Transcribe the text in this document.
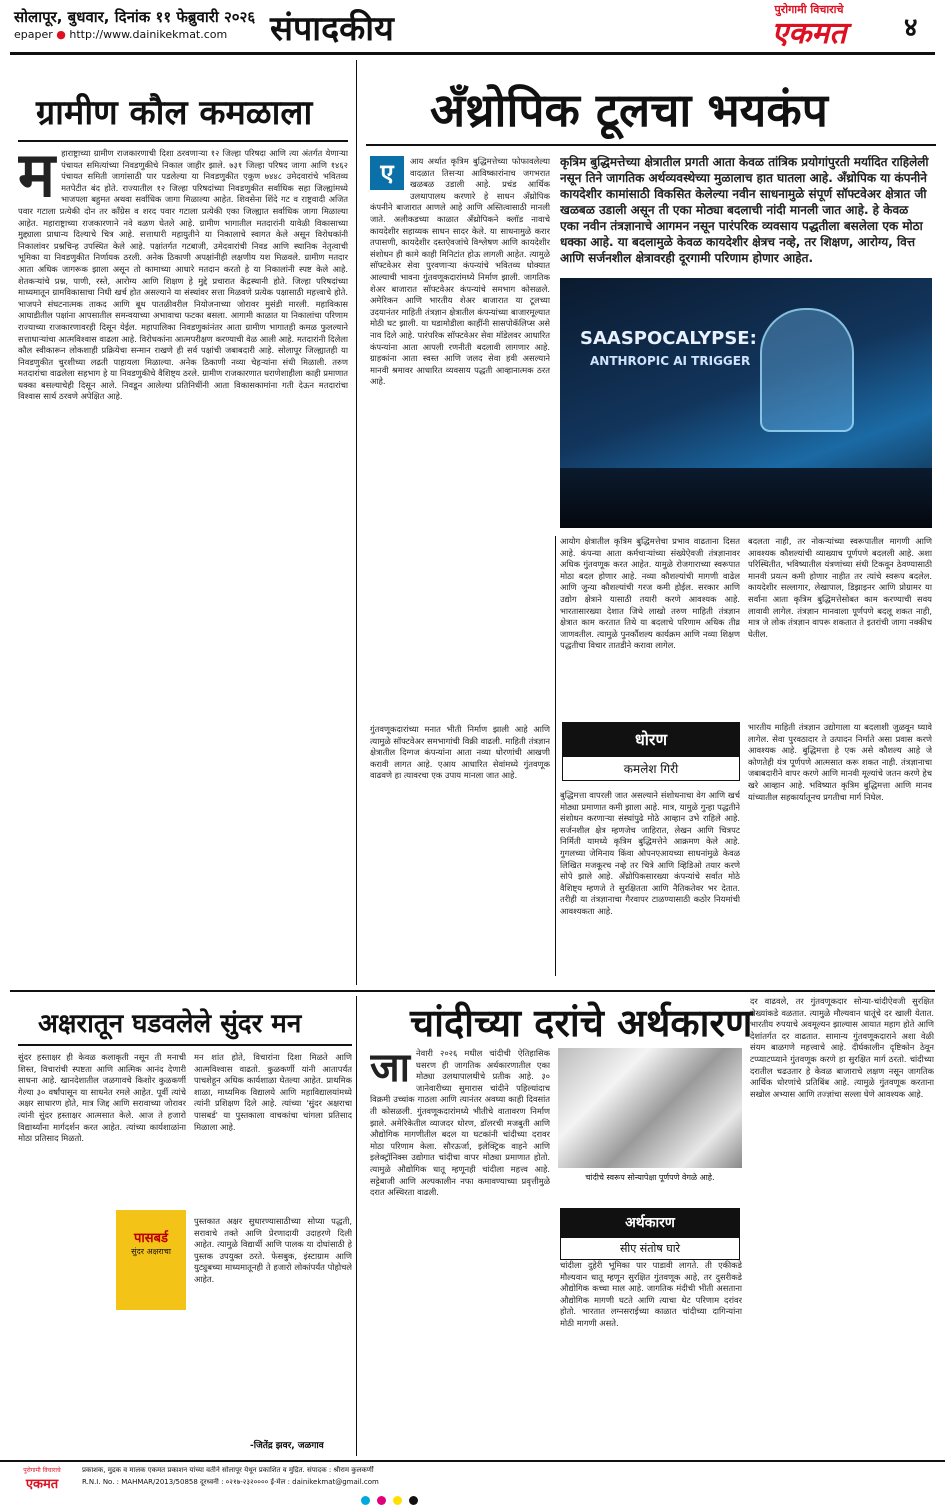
सोलापूर, बुधवार, दिनांक ११ फेब्रुवारी २०२६
epaper ● http://www.dainikekmat.com संपादकीय	पुरोगामी विचाराचे
एकमत	४
ग्रामीण कौल कमळाला
म हाराष्ट्राच्या ग्रामीण राजकारणाची दिशा ठरवणाऱ्या १२ जिल्हा परिषदा आणि त्या अंतर्गत येणाऱ्या पंचायत समित्यांच्या निवडणुकीचे निकाल जाहीर झाले. ७३१ जिल्हा परिषद जागा आणि १४६२ पंचायत समिती जागांसाठी पार पडलेल्या या निवडणुकीत एकूण ७४४८ उमेदवारांचे भवितव्य मतपेटीत बंद होते. राज्यातील १२ जिल्हा परिषदांच्या निवडणुकीत सर्वाधिक सहा जिल्ह्यांमध्ये भाजपला बहुमत अथवा सर्वाधिक जागा मिळाल्या आहेत. शिवसेना शिंदे गट व राष्ट्रवादी अजित पवार गटाला प्रत्येकी दोन तर काँग्रेस व शरद पवार गटाला प्रत्येकी एका जिल्ह्यात सर्वाधिक जागा मिळाल्या आहेत. महाराष्ट्राच्या राजकारणाने नवे वळण घेतले आहे. ग्रामीण भागातील मतदारांनी यावेळी विकासाच्या मुद्द्याला प्राधान्य दिल्याचे चित्र आहे. सत्ताधारी महायुतीने या निकालाचे स्वागत केले असून विरोधकांनी निकालांवर प्रश्नचिन्ह उपस्थित केले आहे. पक्षांतर्गत गटबाजी, उमेदवारांची निवड आणि स्थानिक नेतृत्वाची भूमिका या निवडणुकीत निर्णायक ठरली. अनेक ठिकाणी अपक्षांनीही लक्षणीय यश मिळवले. ग्रामीण मतदार आता अधिक जागरूक झाला असून तो कामाच्या आधारे मतदान करतो हे या निकालांनी स्पष्ट केले आहे. शेतकऱ्यांचे प्रश्न, पाणी, रस्ते, आरोग्य आणि शिक्षण हे मुद्दे प्रचारात केंद्रस्थानी होते. जिल्हा परिषदांच्या माध्यमातून ग्रामविकासाचा निधी खर्च होत असल्याने या संस्थांवर सत्ता मिळवणे प्रत्येक पक्षासाठी महत्त्वाचे होते. भाजपने संघटनात्मक ताकद आणि बूथ पातळीवरील नियोजनाच्या जोरावर मुसंडी मारली. महाविकास आघाडीतील पक्षांना आपसातील समन्वयाच्या अभावाचा फटका बसला. आगामी काळात या निकालांचा परिणाम राज्याच्या राजकारणावरही दिसून येईल. महापालिका निवडणुकांनंतर आता ग्रामीण भागातही कमळ फुलल्याने सत्ताधाऱ्यांचा आत्मविश्वास वाढला आहे. विरोधकांना आत्मपरीक्षण करण्याची वेळ आली आहे. मतदारांनी दिलेला कौल स्वीकारून लोकशाही प्रक्रियेचा सन्मान राखणे ही सर्व पक्षांची जबाबदारी आहे. सोलापूर जिल्ह्यातही या निवडणुकीत चुरशीच्या लढती पाहायला मिळाल्या. अनेक ठिकाणी नव्या चेहऱ्यांना संधी मिळाली. तरुण मतदारांचा वाढलेला सहभाग हे या निवडणुकीचे वैशिष्ट्य ठरले. ग्रामीण राजकारणात घराणेशाहीला काही प्रमाणात धक्का बसल्याचेही दिसून आले. निवडून आलेल्या प्रतिनिधींनी आता विकासकामांना गती देऊन मतदारांचा विश्वास सार्थ ठरवणे अपेक्षित आहे.
अँथ्रोपिक टूलचा भयकंप
ए	आय अर्थात कृत्रिम बुद्धिमत्तेच्या फोफावलेल्या वादळात तिसऱ्या आविष्कारांनाच जगभरात खळबळ उडाली आहे. प्रचंड आर्थिक उलथापालथ करणारे हे साधन अँथ्रोपिक कंपनीने बाजारात आणले आहे आणि अस्तित्वासाठी मानली जाते. अलीकडच्या काळात अँथ्रोपिकने क्लॉड नावाचे कायदेशीर सहाय्यक साधन सादर केले. या साधनामुळे करार तपासणी, कायदेशीर दस्तऐवजांचे विश्लेषण आणि कायदेशीर संशोधन ही कामे काही मिनिटांत होऊ लागली आहेत. त्यामुळे सॉफ्टवेअर सेवा पुरवणाऱ्या कंपन्यांचे भवितव्य धोक्यात आल्याची भावना गुंतवणूकदारांमध्ये निर्माण झाली. जागतिक शेअर बाजारात सॉफ्टवेअर कंपन्यांचे समभाग कोसळले. अमेरिकन आणि भारतीय शेअर बाजारात या टूलच्या उदयानंतर माहिती तंत्रज्ञान क्षेत्रातील कंपन्यांच्या बाजारमूल्यात मोठी घट झाली. या घडामोडीला काहींनी सासपोकॅलिप्स असे नाव दिले आहे. पारंपरिक सॉफ्टवेअर सेवा मॉडेलवर आधारित कंपन्यांना आता आपली रणनीती बदलावी लागणार आहे. ग्राहकांना आता स्वस्त आणि जलद सेवा हवी असल्याने मानवी श्रमावर आधारित व्यवसाय पद्धती आव्हानात्मक ठरत आहे.
कृत्रिम बुद्धिमत्तेच्या क्षेत्रातील प्रगती आता केवळ तांत्रिक प्रयोगांपुरती मर्यादित राहिलेली नसून तिने जागतिक अर्थव्यवस्थेच्या मुळालाच हात घातला आहे. अँथ्रोपिक या कंपनीने कायदेशीर कामांसाठी विकसित केलेल्या नवीन साधनामुळे संपूर्ण सॉफ्टवेअर क्षेत्रात जी खळबळ उडाली असून ती एका मोठ्या बदलाची नांदी मानली जात आहे. हे केवळ एका नवीन तंत्रज्ञानाचे आगमन नसून पारंपरिक व्यवसाय पद्धतीला बसलेला एक मोठा धक्का आहे. या बदलामुळे केवळ कायदेशीर क्षेत्रच नव्हे, तर शिक्षण, आरोग्य, वित्त आणि सर्जनशील क्षेत्रावरही दूरगामी परिणाम होणार आहेत.
SAASPOCALYPSE:
ANTHROPIC AI TRIGGER
आयोग क्षेत्रातील कृत्रिम बुद्धिमत्तेचा प्रभाव वाढताना दिसत आहे. कंपन्या आता कर्मचाऱ्यांच्या संख्येऐवजी तंत्रज्ञानावर अधिक गुंतवणूक करत आहेत. यामुळे रोजगाराच्या स्वरूपात मोठा बदल होणार आहे. नव्या कौशल्यांची मागणी वाढेल आणि जुन्या कौशल्यांची गरज कमी होईल. सरकार आणि उद्योग क्षेत्राने यासाठी तयारी करणे आवश्यक आहे. भारतासारख्या देशात जिथे लाखो तरुण माहिती तंत्रज्ञान क्षेत्रात काम करतात तिथे या बदलाचे परिणाम अधिक तीव्र जाणवतील. त्यामुळे पुनर्कौशल्य कार्यक्रम आणि नव्या शिक्षण पद्धतीचा विचार तातडीने करावा लागेल.
बदलता नाही, तर नोकऱ्यांच्या स्वरूपातील मागणी आणि आवश्यक कौशल्यांची व्याख्याच पूर्णपणे बदलली आहे. अशा परिस्थितीत, भविष्यातील यंत्रणांच्या संधी टिकवून ठेवण्यासाठी मानवी प्रयत्न कमी होणार नाहीत तर त्यांचे स्वरूप बदलेल. कायदेशीर सल्लागार, लेखापाल, डिझाइनर आणि प्रोग्रामर या सर्वांना आता कृत्रिम बुद्धिमत्तेसोबत काम करण्याची सवय लावावी लागेल. तंत्रज्ञान मानवाला पूर्णपणे बदलू शकत नाही, मात्र जे लोक तंत्रज्ञान वापरू शकतात ते इतरांची जागा नक्कीच घेतील.
धोरण
कमलेश गिरी
बुद्धिमत्ता वापरली जात असल्याने संशोधनाचा वेग आणि खर्च मोठ्या प्रमाणात कमी झाला आहे. मात्र, यामुळे गुन्हा पद्धतीने संशोधन करणाऱ्या संस्थांपुढे मोठे आव्हान उभे राहिले आहे. सर्जनशील क्षेत्र म्हणजेच जाहिरात, लेखन आणि चित्रपट निर्मिती यामध्ये कृत्रिम बुद्धिमत्तेने आक्रमण केले आहे. गुगलच्या जेमिनाय किंवा ओपनएआयच्या साधनांमुळे केवळ लिखित मजकूरच नव्हे तर चित्रे आणि व्हिडिओ तयार करणे सोपे झाले आहे. अँथ्रोपिकसारख्या कंपन्यांचे सर्वात मोठे वैशिष्ट्य म्हणजे ते सुरक्षितता आणि नैतिकतेवर भर देतात. तरीही या तंत्रज्ञानाचा गैरवापर टाळण्यासाठी कठोर नियमांची आवश्यकता आहे.
गुंतवणूकदारांच्या मनात भीती निर्माण झाली आहे आणि त्यामुळे सॉफ्टवेअर समभागांची विक्री वाढली. माहिती तंत्रज्ञान क्षेत्रातील दिग्गज कंपन्यांना आता नव्या धोरणांची आखणी करावी लागत आहे. एआय आधारित सेवांमध्ये गुंतवणूक वाढवणे हा त्यावरचा एक उपाय मानला जात आहे.
भारतीय माहिती तंत्रज्ञान उद्योगाला या बदलाशी जुळवून घ्यावे लागेल. सेवा पुरवठादार ते उत्पादन निर्माते असा प्रवास करणे आवश्यक आहे. बुद्धिमत्ता हे एक असे कौशल्य आहे जे कोणतेही यंत्र पूर्णपणे आत्मसात करू शकत नाही. तंत्रज्ञानाचा जबाबदारीने वापर करणे आणि मानवी मूल्यांचे जतन करणे हेच खरे आव्हान आहे. भविष्यात कृत्रिम बुद्धिमत्ता आणि मानव यांच्यातील सहकार्यातूनच प्रगतीचा मार्ग निघेल.
अक्षरातून घडवलेले सुंदर मन
सुंदर हस्ताक्षर ही केवळ कलाकृती नसून ती मनाची शिस्त, विचारांची स्पष्टता आणि आत्मिक आनंद देणारी साधना आहे. खानदेशातील जळगावचे किशोर कुळकर्णी गेल्या ३० वर्षांपासून या साधनेत रमले आहेत. पूर्वी त्यांचे अक्षर साधारण होते, मात्र जिद्द आणि सरावाच्या जोरावर त्यांनी सुंदर हस्ताक्षर आत्मसात केले. आज ते हजारो विद्यार्थ्यांना मार्गदर्शन करत आहेत. त्यांच्या कार्यशाळांना मोठा प्रतिसाद मिळतो.
मन शांत होते, विचारांना दिशा मिळते आणि आत्मविश्वास वाढतो. कुळकर्णी यांनी आतापर्यंत पाचशेहून अधिक कार्यशाळा घेतल्या आहेत. प्राथमिक शाळा, माध्यमिक विद्यालये आणि महाविद्यालयांमध्ये त्यांनी प्रशिक्षण दिले आहे. त्यांच्या 'सुंदर अक्षराचा पासबर्ड' या पुस्तकाला वाचकांचा चांगला प्रतिसाद मिळाला आहे.
पासबर्ड
सुंदर अक्षराचा
पुस्तकात अक्षर सुधारण्यासाठीच्या सोप्या पद्धती, सरावाचे तक्ते आणि प्रेरणादायी उदाहरणे दिली आहेत. त्यामुळे विद्यार्थी आणि पालक या दोघांसाठी हे पुस्तक उपयुक्त ठरते. फेसबुक, इंस्टाग्राम आणि युट्युबच्या माध्यमातूनही ते हजारो लोकांपर्यंत पोहोचले आहेत.
-जितेंद्र झवर, जळगाव
चांदीच्या दरांचे अर्थकारण
जा नेवारी २०२६ मधील चांदीची ऐतिहासिक घसरण ही जागतिक अर्थकारणातील एका मोठ्या उलथापालथीचे प्रतीक आहे. ३० जानेवारीच्या सुमारास चांदीने पहिल्यांदाच विक्रमी उच्चांक गाठला आणि त्यानंतर अवघ्या काही दिवसांत ती कोसळली. गुंतवणूकदारांमध्ये भीतीचे वातावरण निर्माण झाले. अमेरिकेतील व्याजदर धोरण, डॉलरची मजबुती आणि औद्योगिक मागणीतील बदल या घटकांनी चांदीच्या दरावर मोठा परिणाम केला. सौरऊर्जा, इलेक्ट्रिक वाहने आणि इलेक्ट्रॉनिक्स उद्योगात चांदीचा वापर मोठ्या प्रमाणात होतो. त्यामुळे औद्योगिक धातू म्हणूनही चांदीला महत्त्व आहे. सट्टेबाजी आणि अल्पकालीन नफा कमावण्याच्या प्रवृत्तीमुळे दरात अस्थिरता वाढली.
चांदीचे स्वरूप सोन्यापेक्षा पूर्णपणे वेगळे आहे.
अर्थकारण
सीए संतोष घारे
चांदीला दुहेरी भूमिका पार पाडावी लागते. ती एकीकडे मौल्यवान धातू म्हणून सुरक्षित गुंतवणूक आहे, तर दुसरीकडे औद्योगिक कच्चा माल आहे. जागतिक मंदीची भीती असताना औद्योगिक मागणी घटते आणि त्याचा थेट परिणाम दरांवर होतो. भारतात लग्नसराईच्या काळात चांदीच्या दागिन्यांना मोठी मागणी असते.
दर वाढवले, तर गुंतवणूकदार सोन्या-चांदीऐवजी सुरक्षित रोख्यांकडे वळतात. त्यामुळे मौल्यवान धातूंचे दर खाली येतात. भारतीय रुपयाचे अवमूल्यन झाल्यास आयात महाग होते आणि देशांतर्गत दर वाढतात. सामान्य गुंतवणूकदाराने अशा वेळी संयम बाळगणे महत्त्वाचे आहे. दीर्घकालीन दृष्टिकोन ठेवून टप्प्याटप्प्याने गुंतवणूक करणे हा सुरक्षित मार्ग ठरतो. चांदीच्या दरातील चढउतार हे केवळ बाजाराचे लक्षण नसून जागतिक आर्थिक धोरणांचे प्रतिबिंब आहे. त्यामुळे गुंतवणूक करताना सखोल अभ्यास आणि तज्ज्ञांचा सल्ला घेणे आवश्यक आहे.
पुरोगामी विचाराचे
एकमत
प्रकाशक, मुद्रक व मालक एकमत प्रकाशन यांच्या वतीने सोलापूर येथून प्रकाशित व मुद्रित. संपादक : श्रीराम कुलकर्णी
R.N.I. No. : MAHMAR/2013/50858 दूरध्वनी : ०२१७-२३२०००० ई-मेल : dainikekmat@gmail.com
